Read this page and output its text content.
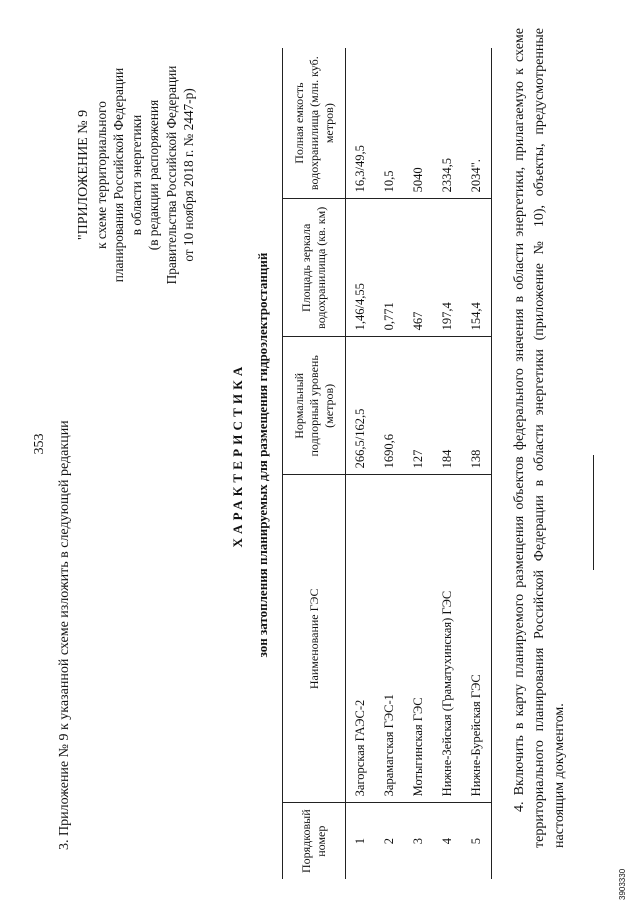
353 3. Приложение № 9 к указанной схеме изложить в следующей редакции
"ПРИЛОЖЕНИЕ № 9 к схеме территориального планирования Российской Федерации в области энергетики (в редакции распоряжения Правительства Российской Федерации от 10 ноября 2018 г. № 2447-р)
ХАРАКТЕРИСТИКА зон затопления планируемых для размещения гидроэлектростанций
Порядковый номер	Наименование ГЭС	Нормальный подпорный уровень (метров)	Площадь зеркала водохранилища (кв. км)	Полная емкость водохранилища (млн. куб. метров)
1	Загорская ГАЭС-2	266,5/162,5	1,46/4,55	16,3/49,5
2	Зарамагская ГЭС-1	1690,6	0,771	10,5
3	Мотыгинская ГЭС	127	467	5040
4	Нижне-Зейская (Граматухинская) ГЭС	184	197,4	2334,5
5	Нижне-Бурейская ГЭС	138	154,4	2034". 4. Включить в карту планируемого размещения объектов федерального значения в области энергетики, прилагаемую к схеме территориального планирования Российской Федерации в области энергетики (приложение № 10), объекты, предусмотренные настоящим документом.
3903330
